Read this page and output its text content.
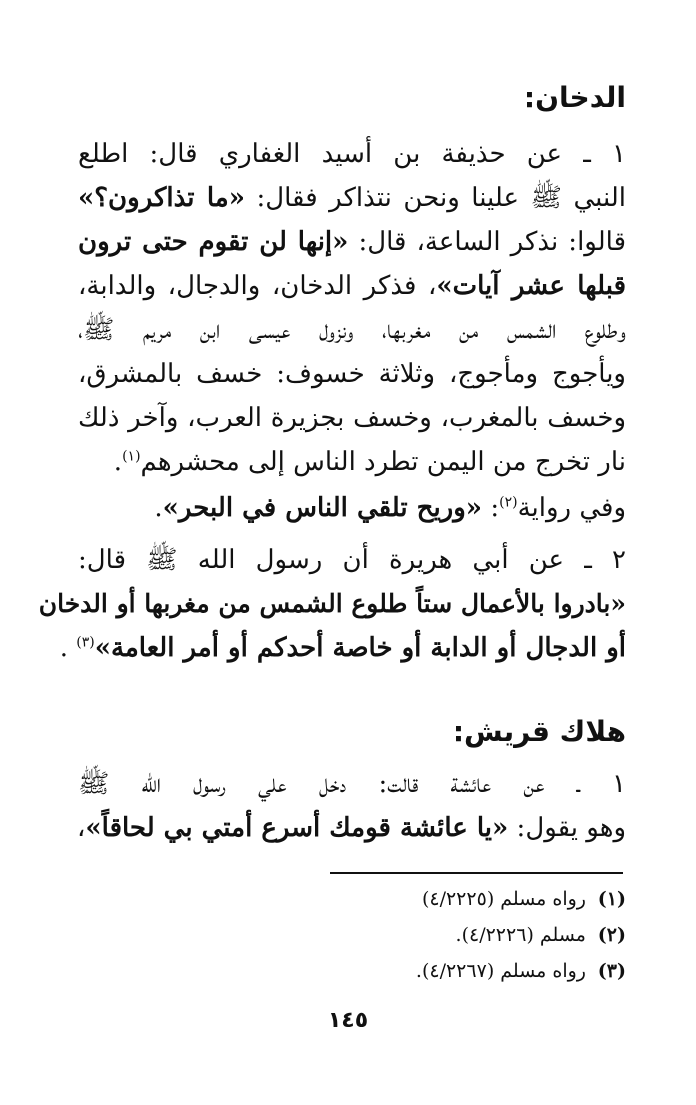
الدخان:
١ ـ عن حذيفة بن أسيد الغفاري قال: اطلع
النبي ﷺ علينا ونحن نتذاكر فقال: «ما تذاكرون؟»
قالوا: نذكر الساعة، قال: «إنها لن تقوم حتى ترون
قبلها عشر آيات»، فذكر الدخان، والدجال، والدابة،
وطلوع الشمس من مغربها، ونزول عيسى ابن مريم ﷺ،
ويأجوج ومأجوج، وثلاثة خسوف: خسف بالمشرق،
وخسف بالمغرب، وخسف بجزيرة العرب، وآخر ذلك
نار تخرج من اليمن تطرد الناس إلى محشرهم$^{(١)}$.
وفي رواية$^{(٢)}$: «وريح تلقي الناس في البحر».
٢ ـ عن أبي هريرة أن رسول الله ﷺ قال:
«بادروا بالأعمال ستاً طلوع الشمس من مغربها أو الدخان
أو الدجال أو الدابة أو خاصة أحدكم أو أمر العامة»$^{(٣)}$ .
هلاك قريش:
١ ـ عن عائشة قالت: دخل علي رسول الله ﷺ
وهو يقول: «يا عائشة قومك أسرع أمتي بي لحاقاً»،
(١) رواه مسلم (٤/٢٢٢٥)
(٢) مسلم (٤/٢٢٢٦).
(٣) رواه مسلم (٤/٢٢٦٧).
١٤٥
